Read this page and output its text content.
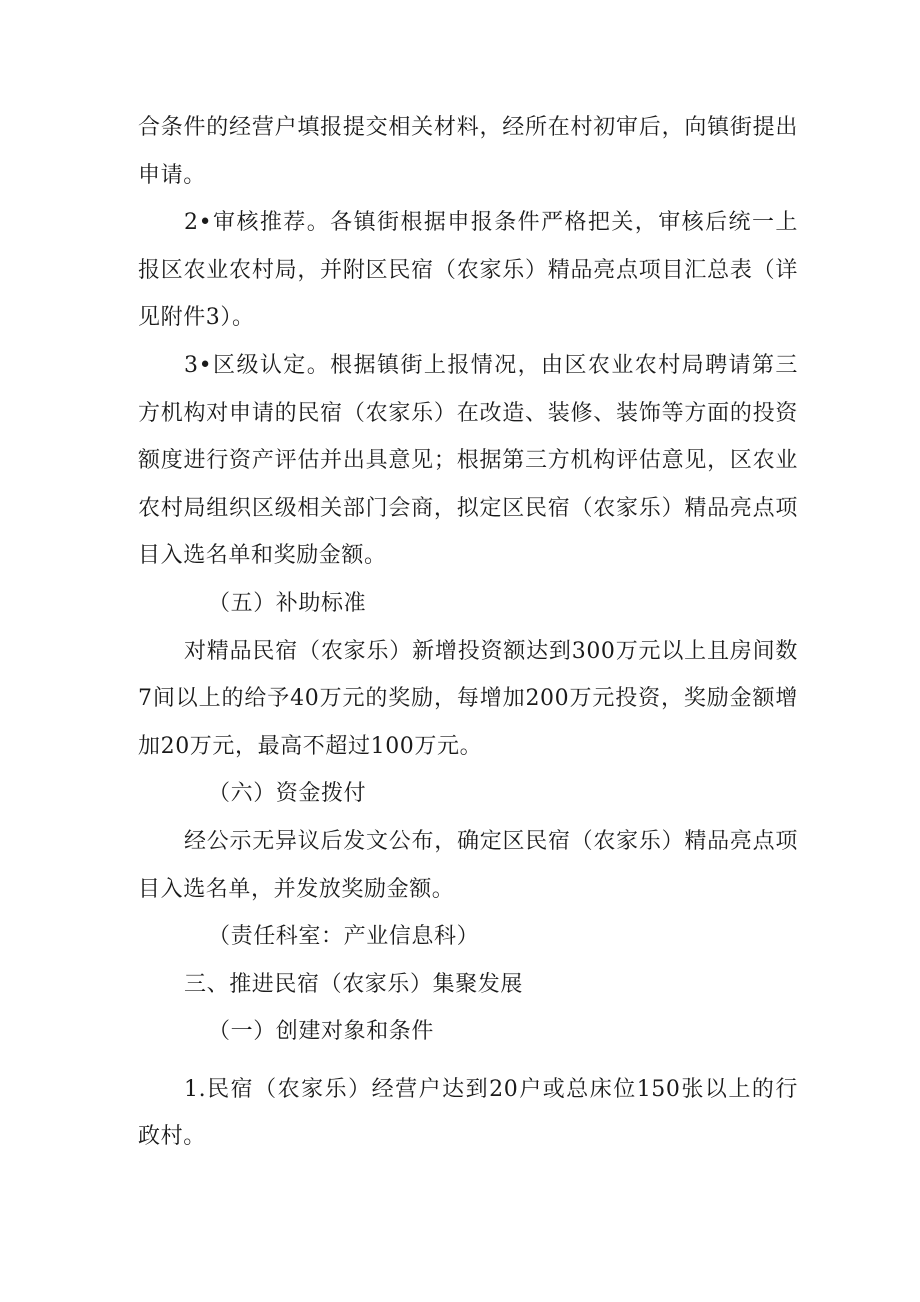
合条件的经营户填报提交相关材料，经所在村初审后，向镇街提出申请。

2•审核推荐。各镇街根据申报条件严格把关，审核后统一上报区农业农村局，并附区民宿（农家乐）精品亮点项目汇总表（详见附件3）。

3•区级认定。根据镇街上报情况，由区农业农村局聘请第三方机构对申请的民宿（农家乐）在改造、装修、装饰等方面的投资额度进行资产评估并出具意见；根据第三方机构评估意见，区农业农村局组织区级相关部门会商，拟定区民宿（农家乐）精品亮点项目入选名单和奖励金额。

（五）补助标准

对精品民宿（农家乐）新增投资额达到300万元以上且房间数7间以上的给予40万元的奖励，每增加200万元投资，奖励金额增加20万元，最高不超过100万元。

（六）资金拨付

经公示无异议后发文公布，确定区民宿（农家乐）精品亮点项目入选名单，并发放奖励金额。

（责任科室：产业信息科）

三、推进民宿（农家乐）集聚发展

（一）创建对象和条件

1.民宿（农家乐）经营户达到20户或总床位150张以上的行政村。
